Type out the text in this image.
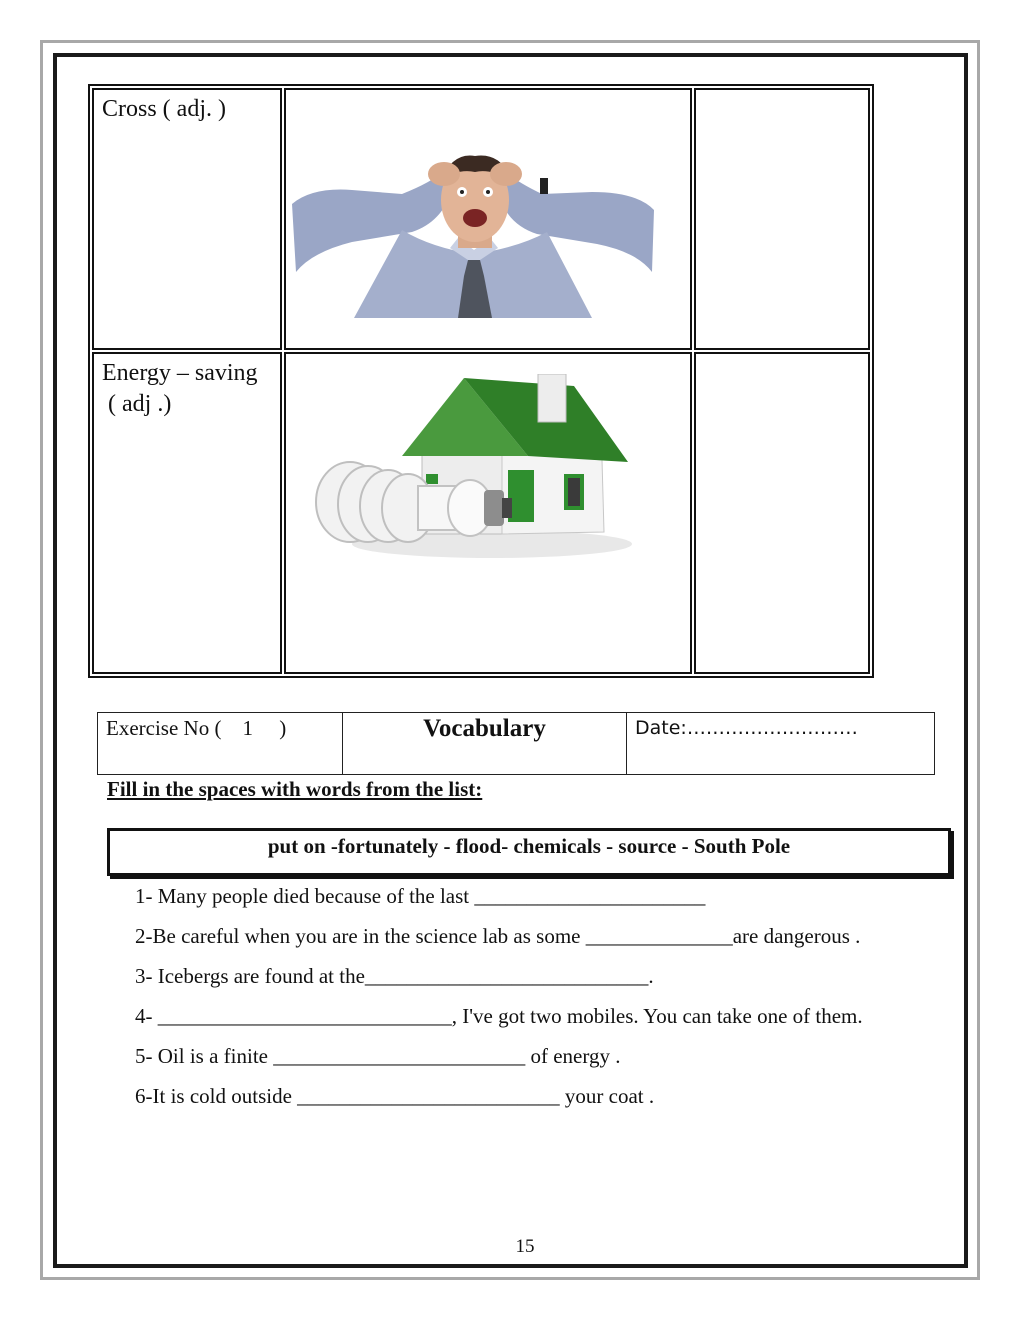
Cross ( adj. )

Energy – saving
( adj .)

Exercise No (    1     )	Vocabulary	Date:………………………
Fill in the spaces with words from the list:
put on -fortunately - flood- chemicals - source - South Pole
1- Many people died because of the last ______________________
2-Be careful when you are in the science lab as some ______________are dangerous .
3- Icebergs are found at the___________________________.
4- ____________________________, I've got two mobiles. You can take one of them.
5- Oil is a finite ________________________ of energy .
6-It is cold outside _________________________ your coat .
15
